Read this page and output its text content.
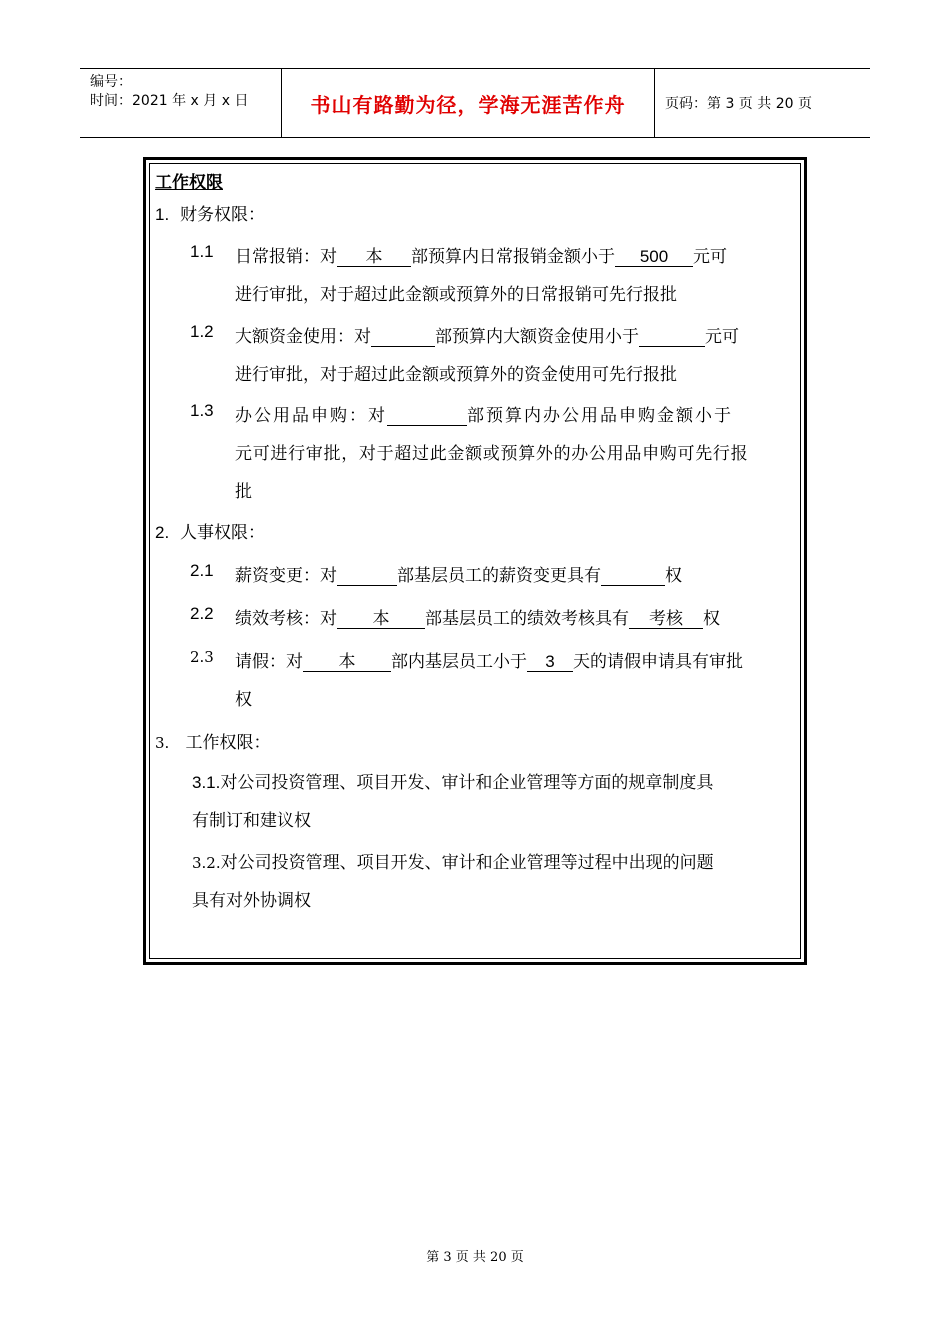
编号：
时间：2021 年 x 月 x 日	书山有路勤为径，学海无涯苦作舟	页码：第 3 页 共 20 页
工作权限
1. 财务权限：
1.1 日常报销：对 本 部预算内日常报销金额小于 500 元可
进行审批，对于超过此金额或预算外的日常报销可先行报批
1.2 大额资金使用：对	部预算内大额资金使用小于	元可
进行审批，对于超过此金额或预算外的资金使用可先行报批
1.3 办公用品申购：对	部预算内办公用品申购金额小于
元可进行审批，对于超过此金额或预算外的办公用品申购可先行报
批
2. 人事权限：
2.1 薪资变更：对	部基层员工的薪资变更具有	权
2.2 绩效考核：对 本 部基层员工的绩效考核具有 考核 权
2.3 请假：对 本 部内基层员工小于 3 天的请假申请具有审批
权
3. 工作权限：
3.1.对公司投资管理、项目开发、审计和企业管理等方面的规章制度具
有制订和建议权
3.2.对公司投资管理、项目开发、审计和企业管理等过程中出现的问题
具有对外协调权
第 3 页 共 20 页
